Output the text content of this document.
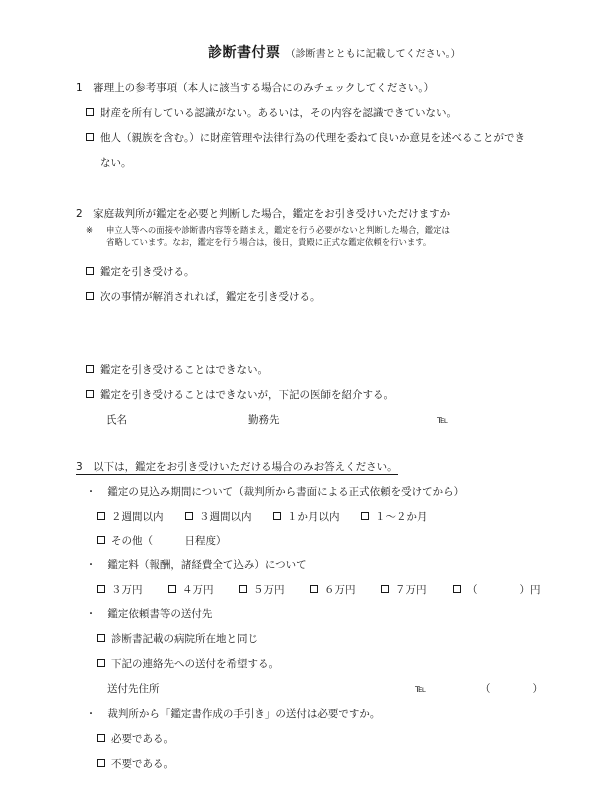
診断書付票 （診断書とともに記載してください。）
1　審理上の参考事項（本人に該当する場合にのみチェックしてください。）
財産を所有している認識がない。あるいは，その内容を認識できていない。
他人（親族を含む。）に財産管理や法律行為の代理を委ねて良いか意見を述べることができ
ない。
2　家庭裁判所が鑑定を必要と判断した場合，鑑定をお引き受けいただけますか
※ 申立人等への面接や診断書内容等を踏まえ，鑑定を行う必要がないと判断した場合，鑑定は
省略しています。なお，鑑定を行う場合は，後日，貴殿に正式な鑑定依頼を行います。
鑑定を引き受ける。
次の事情が解消されれば，鑑定を引き受ける。
鑑定を引き受けることはできない。
鑑定を引き受けることはできないが，下記の医師を紹介する。
氏名	勤務先	℡
3　以下は，鑑定をお引き受けいただける場合のみお答えください。
・ 鑑定の見込み期間について（裁判所から書面による正式依頼を受けてから）
２週間以内	３週間以内	１か月以内	１～２か月
その他（　　　日程度）
・ 鑑定料（報酬，諸経費全て込み）について
３万円	４万円	５万円	６万円	７万円	（　　　　）円
・ 鑑定依頼書等の送付先
診断書記載の病院所在地と同じ
下記の連絡先への送付を希望する。
送付先住所	℡	（　　　　）
・ 裁判所から「鑑定書作成の手引き」の送付は必要ですか。
必要である。
不要である。
